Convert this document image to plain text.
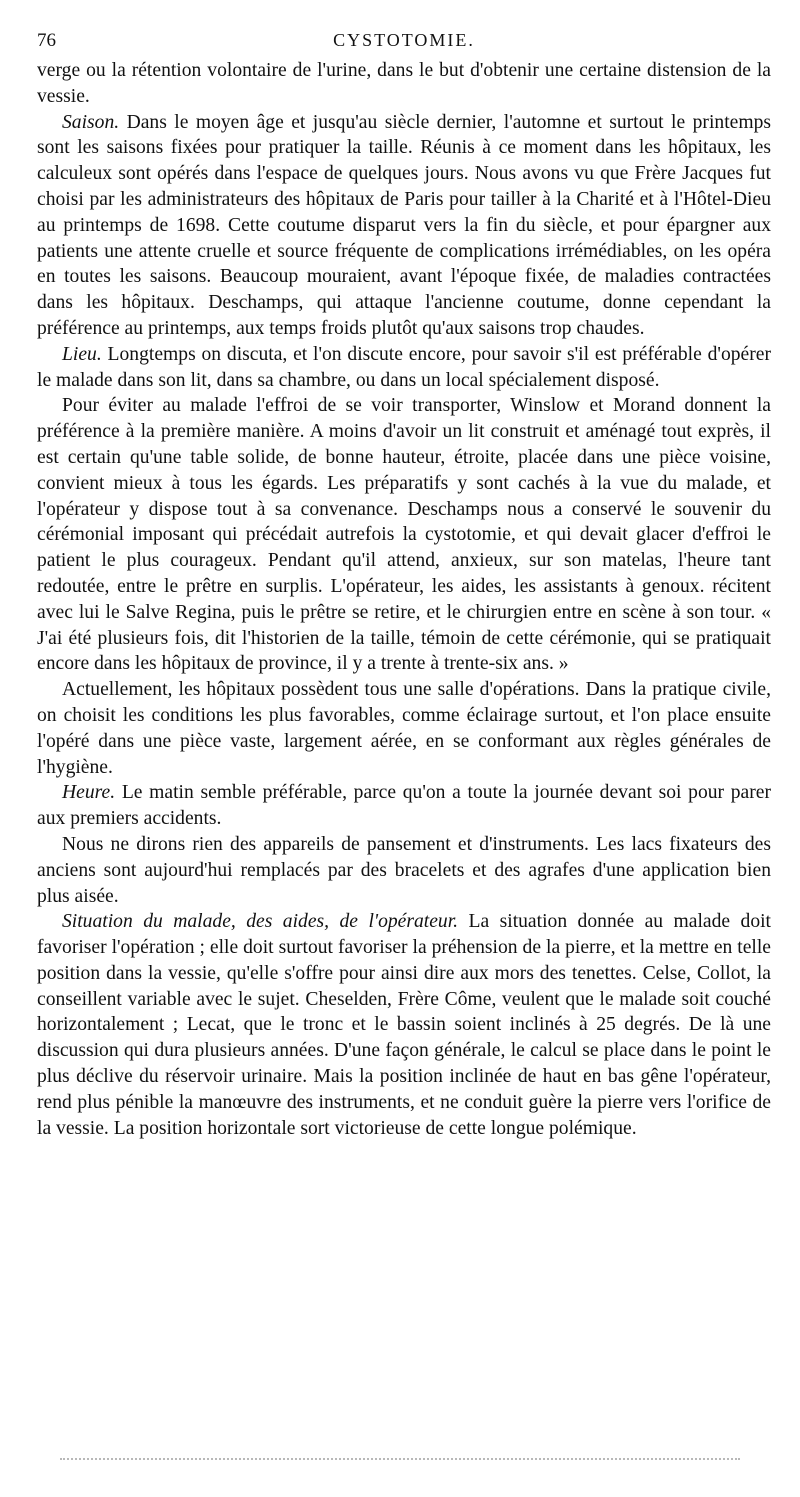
76	CYSTOTOMIE.

verge ou la rétention volontaire de l'urine, dans le but d'obtenir une certaine distension de la vessie.

Saison. Dans le moyen âge et jusqu'au siècle dernier, l'automne et surtout le printemps sont les saisons fixées pour pratiquer la taille. Réunis à ce moment dans les hôpitaux, les calculeux sont opérés dans l'espace de quelques jours. Nous avons vu que Frère Jacques fut choisi par les administrateurs des hôpitaux de Paris pour tailler à la Charité et à l'Hôtel-Dieu au printemps de 1698. Cette coutume disparut vers la fin du siècle, et pour épargner aux patients une attente cruelle et source fréquente de complications irrémédiables, on les opéra en toutes les saisons. Beaucoup mouraient, avant l'époque fixée, de maladies contractées dans les hôpitaux. Deschamps, qui attaque l'ancienne coutume, donne cependant la préférence au printemps, aux temps froids plutôt qu'aux saisons trop chaudes.

Lieu. Longtemps on discuta, et l'on discute encore, pour savoir s'il est préférable d'opérer le malade dans son lit, dans sa chambre, ou dans un local spécialement disposé.

Pour éviter au malade l'effroi de se voir transporter, Winslow et Morand donnent la préférence à la première manière. A moins d'avoir un lit construit et aménagé tout exprès, il est certain qu'une table solide, de bonne hauteur, étroite, placée dans une pièce voisine, convient mieux à tous les égards. Les préparatifs y sont cachés à la vue du malade, et l'opérateur y dispose tout à sa convenance. Deschamps nous a conservé le souvenir du cérémonial imposant qui précédait autrefois la cystotomie, et qui devait glacer d'effroi le patient le plus courageux. Pendant qu'il attend, anxieux, sur son matelas, l'heure tant redoutée, entre le prêtre en surplis. L'opérateur, les aides, les assistants à genoux. récitent avec lui le Salve Regina, puis le prêtre se retire, et le chirurgien entre en scène à son tour. « J'ai été plusieurs fois, dit l'historien de la taille, témoin de cette cérémonie, qui se pratiquait encore dans les hôpitaux de province, il y a trente à trente-six ans. »

Actuellement, les hôpitaux possèdent tous une salle d'opérations. Dans la pratique civile, on choisit les conditions les plus favorables, comme éclairage surtout, et l'on place ensuite l'opéré dans une pièce vaste, largement aérée, en se conformant aux règles générales de l'hygiène.

Heure. Le matin semble préférable, parce qu'on a toute la journée devant soi pour parer aux premiers accidents.

Nous ne dirons rien des appareils de pansement et d'instruments. Les lacs fixateurs des anciens sont aujourd'hui remplacés par des bracelets et des agrafes d'une application bien plus aisée.

Situation du malade, des aides, de l'opérateur. La situation donnée au malade doit favoriser l'opération ; elle doit surtout favoriser la préhension de la pierre, et la mettre en telle position dans la vessie, qu'elle s'offre pour ainsi dire aux mors des tenettes. Celse, Collot, la conseillent variable avec le sujet. Cheselden, Frère Côme, veulent que le malade soit couché horizontalement ; Lecat, que le tronc et le bassin soient inclinés à 25 degrés. De là une discussion qui dura plusieurs années. D'une façon générale, le calcul se place dans le point le plus déclive du réservoir urinaire. Mais la position inclinée de haut en bas gêne l'opérateur, rend plus pénible la manœuvre des instruments, et ne conduit guère la pierre vers l'orifice de la vessie. La position horizontale sort victorieuse de cette longue polémique.
